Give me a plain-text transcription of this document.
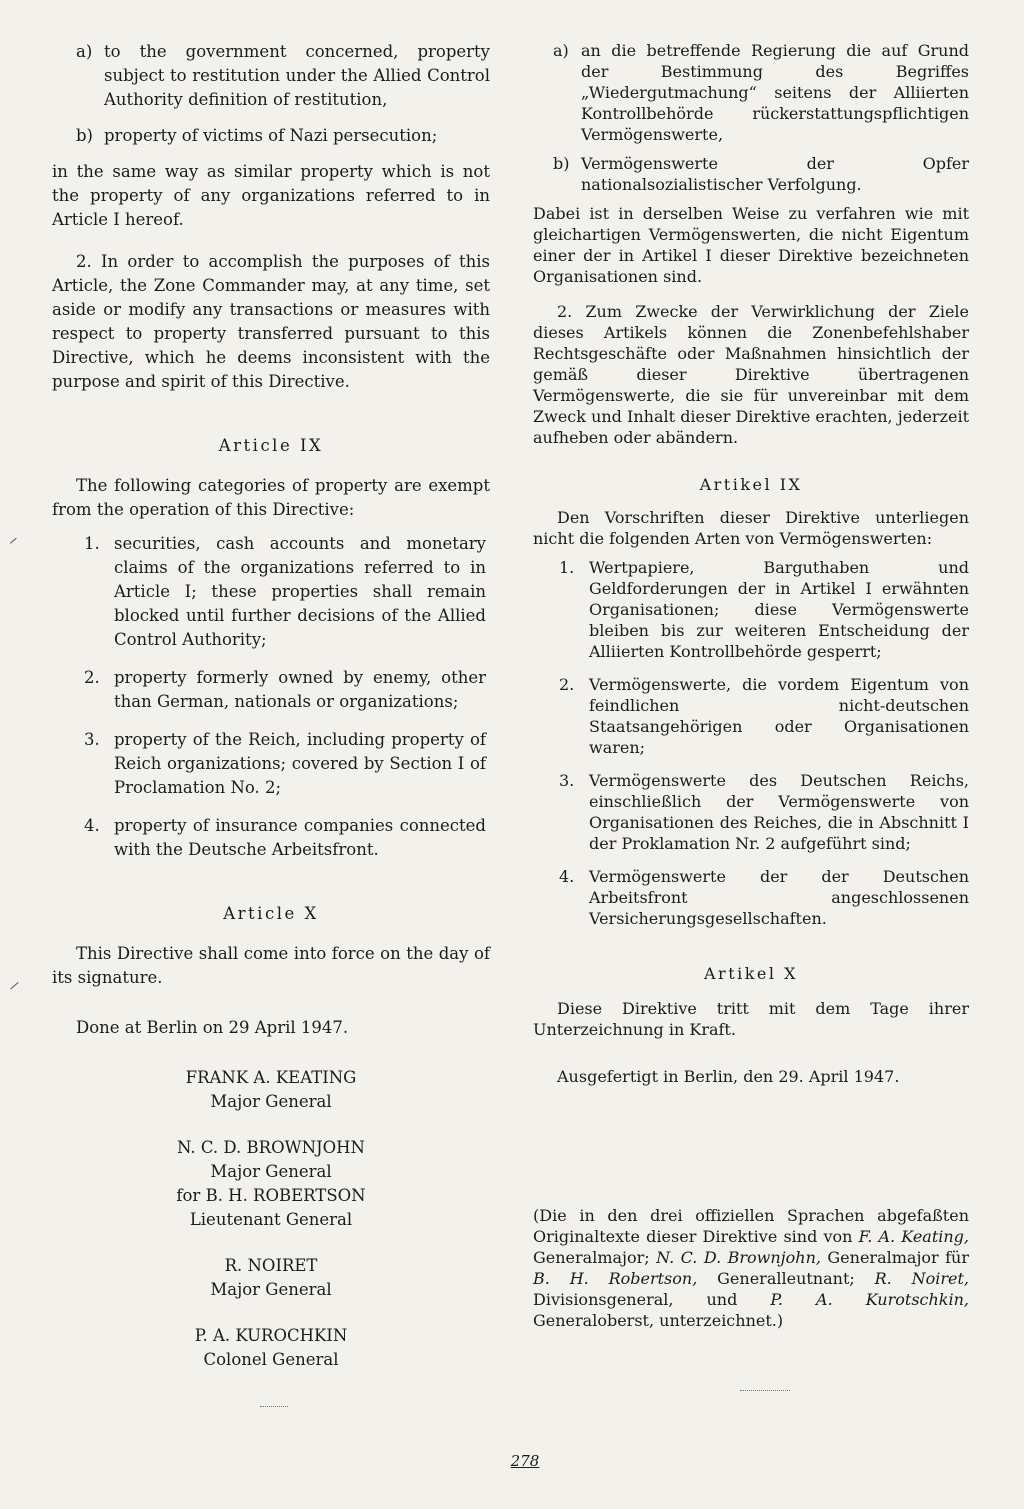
a) to the government concerned, property subject to restitution under the Allied Control Authority definition of restitution,
b) property of victims of Nazi persecution;

in the same way as similar property which is not the property of any organizations referred to in Article I hereof.

2. In order to accomplish the purposes of this Article, the Zone Commander may, at any time, set aside or modify any transactions or measures with respect to property transferred pursuant to this Directive, which he deems inconsistent with the purpose and spirit of this Directive.

Article IX

The following categories of property are exempt from the operation of this Directive:

1. securities, cash accounts and monetary claims of the organizations referred to in Article I; these properties shall remain blocked until further decisions of the Allied Control Authority;
2. property formerly owned by enemy, other than German, nationals or organizations;
3. property of the Reich, including property of Reich organizations; covered by Section I of Proclamation No. 2;
4. property of insurance companies connected with the Deutsche Arbeitsfront.
Article X

This Directive shall come into force on the day of its signature.

Done at Berlin on 29 April 1947.

FRANK A. KEATING
Major General
N. C. D. BROWNJOHN
Major General
for B. H. ROBERTSON
Lieutenant General
R. NOIRET
Major General
P. A. KUROCHKIN
Colonel General
a) an die betreffende Regierung die auf Grund der Bestimmung des Begriffes „Wiedergutmachung“ seitens der Alliierten Kontrollbehörde rückerstattungspflichtigen Vermögenswerte,
b) Vermögenswerte der Opfer nationalsozialistischer Verfolgung.

Dabei ist in derselben Weise zu verfahren wie mit gleichartigen Vermögenswerten, die nicht Eigentum einer der in Artikel I dieser Direktive bezeichneten Organisationen sind.

2. Zum Zwecke der Verwirklichung der Ziele dieses Artikels können die Zonenbefehlshaber Rechtsgeschäfte oder Maßnahmen hinsichtlich der gemäß dieser Direktive übertragenen Vermögenswerte, die sie für unvereinbar mit dem Zweck und Inhalt dieser Direktive erachten, jederzeit aufheben oder abändern.

Artikel IX

Den Vorschriften dieser Direktive unterliegen nicht die folgenden Arten von Vermögenswerten:

1. Wertpapiere, Barguthaben und Geldforderungen der in Artikel I erwähnten Organisationen; diese Vermögenswerte bleiben bis zur weiteren Entscheidung der Alliierten Kontrollbehörde gesperrt;
2. Vermögenswerte, die vordem Eigentum von feindlichen nicht-deutschen Staatsangehörigen oder Organisationen waren;
3. Vermögenswerte des Deutschen Reichs, einschließlich der Vermögenswerte von Organisationen des Reiches, die in Abschnitt I der Proklamation Nr. 2 aufgeführt sind;
4. Vermögenswerte der der Deutschen Arbeitsfront angeschlossenen Versicherungsgesellschaften.
Artikel X

Diese Direktive tritt mit dem Tage ihrer Unterzeichnung in Kraft.

Ausgefertigt in Berlin, den 29. April 1947.

(Die in den drei offiziellen Sprachen abgefaßten Originaltexte dieser Direktive sind von F. A. Keating, Generalmajor; N. C. D. Brownjohn, Generalmajor für B. H. Robertson, Generalleutnant; R. Noiret, Divisionsgeneral, und P. A. Kurotschkin, Generaloberst, unterzeichnet.)

278
